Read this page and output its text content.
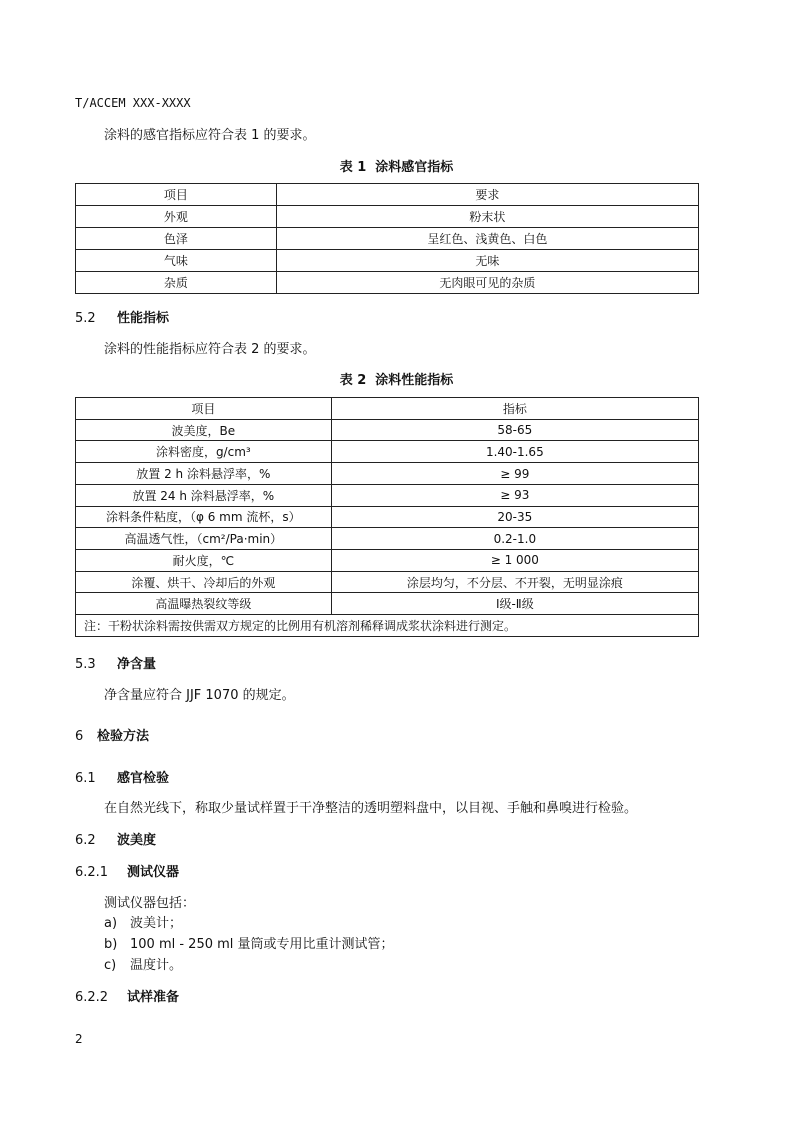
T/ACCEM XXX-XXXX
涂料的感官指标应符合表 1 的要求。
表 1  涂料感官指标
项目	要求
外观	粉末状
色泽	呈红色、浅黄色、白色
气味	无味
杂质	无肉眼可见的杂质
5.2 性能指标
涂料的性能指标应符合表 2 的要求。
表 2  涂料性能指标
项目	指标
波美度，Be	58-65
涂料密度，g/cm³	1.40-1.65
放置 2 h 涂料悬浮率，%	≥ 99
放置 24 h 涂料悬浮率，%	≥ 93
涂料条件粘度，（φ 6 mm 流杯，s）	20-35
高温透气性，（cm²/Pa·min）	0.2-1.0
耐火度，℃	≥ 1 000
涂覆、烘干、冷却后的外观	涂层均匀，不分层、不开裂，无明显涂痕
高温曝热裂纹等级	Ⅰ级-Ⅱ级
注：干粉状涂料需按供需双方规定的比例用有机溶剂稀释调成浆状涂料进行测定。	
5.3 净含量
净含量应符合 JJF 1070 的规定。
6 检验方法
6.1 感官检验
在自然光线下，称取少量试样置于干净整洁的透明塑料盘中，以目视、手触和鼻嗅进行检验。
6.2 波美度
6.2.1 测试仪器
测试仪器包括：
a) 波美计；
b) 100 ml - 250 ml 量筒或专用比重计测试管；
c) 温度计。
6.2.2 试样准备
2
